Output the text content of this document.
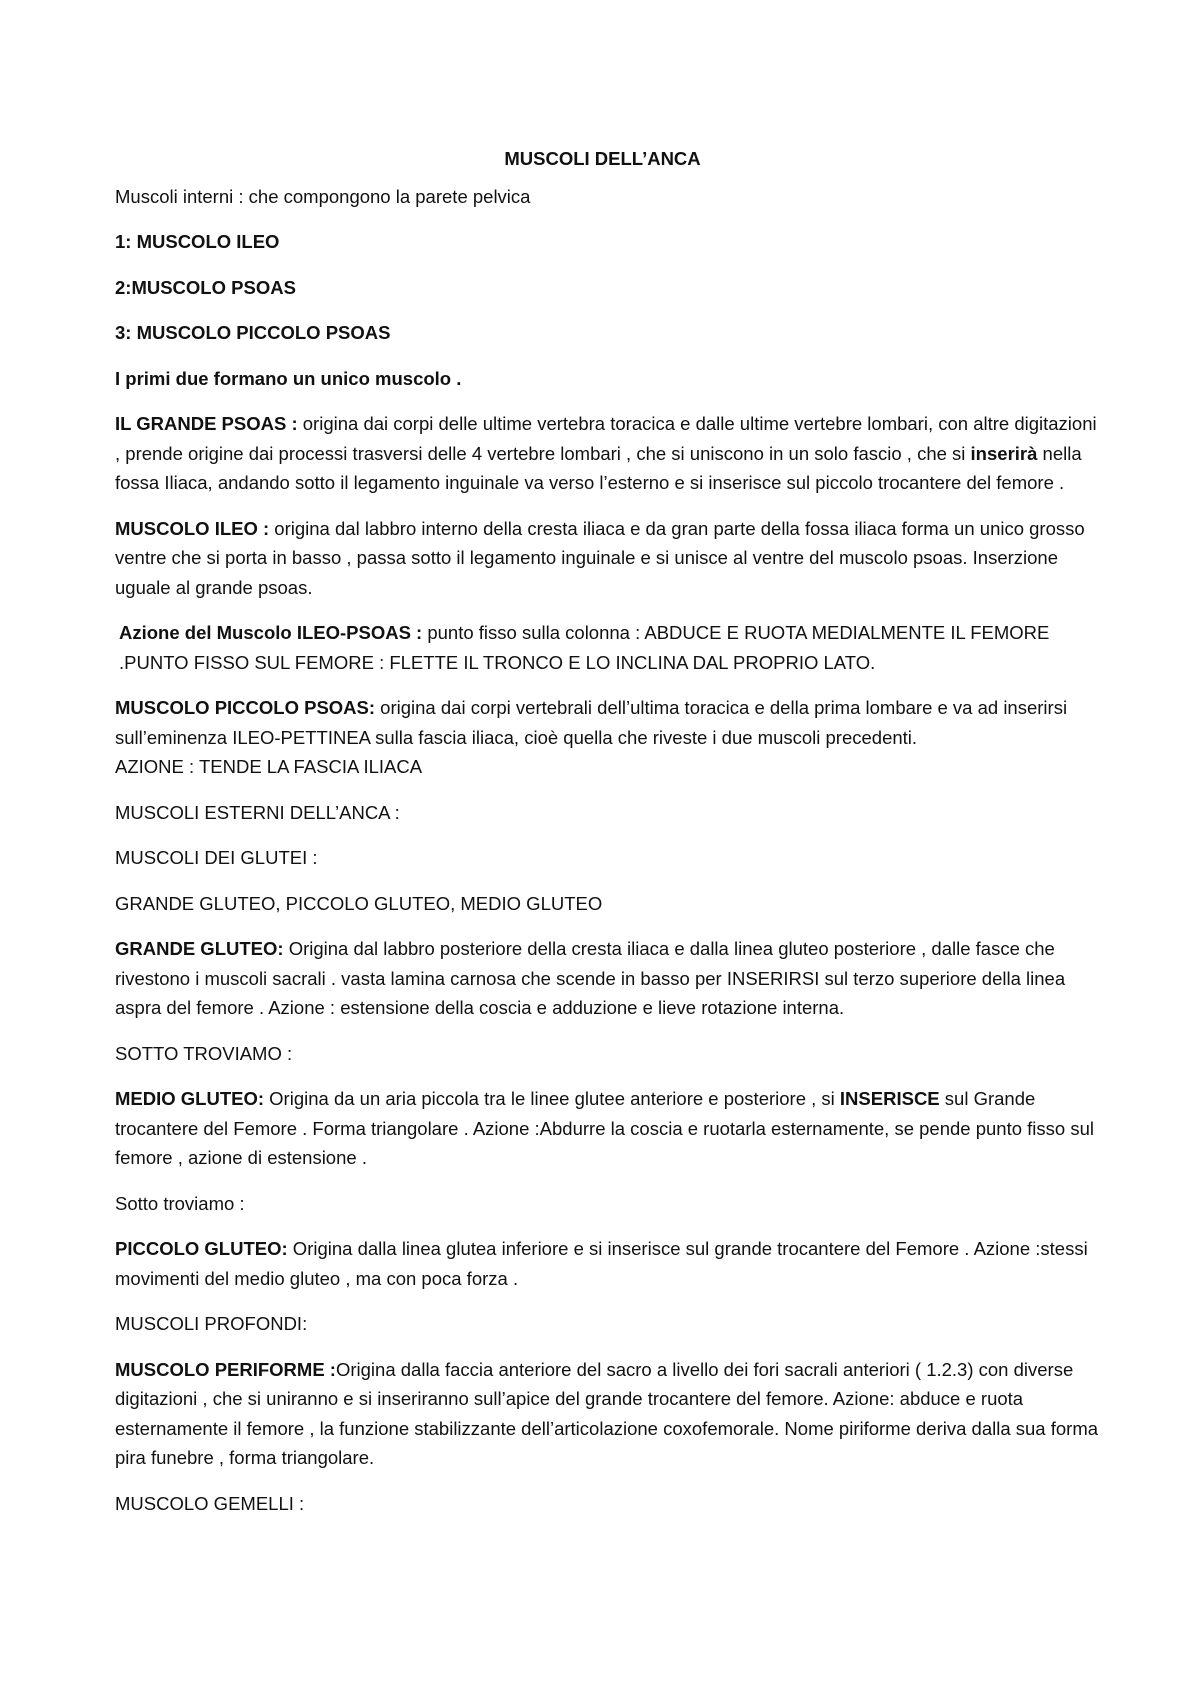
MUSCOLI DELL’ANCA

Muscoli interni : che compongono la parete pelvica

1: MUSCOLO ILEO

2:MUSCOLO PSOAS

3: MUSCOLO PICCOLO PSOAS

I primi due formano un unico muscolo .

IL GRANDE PSOAS : origina dai corpi delle ultime vertebra toracica e dalle ultime vertebre lombari, con altre digitazioni , prende origine dai processi trasversi delle 4 vertebre lombari , che si uniscono in un solo fascio , che si inserirà nella fossa Iliaca, andando sotto il legamento inguinale va verso l’esterno e si inserisce sul piccolo trocantere del femore .

MUSCOLO ILEO : origina dal labbro interno della cresta iliaca e da gran parte della fossa iliaca forma un unico grosso ventre che si porta in basso , passa sotto il legamento inguinale e si unisce al ventre del muscolo psoas. Inserzione uguale al grande psoas.

Azione del Muscolo ILEO-PSOAS : punto fisso sulla colonna : ABDUCE E RUOTA MEDIALMENTE IL FEMORE .PUNTO FISSO SUL FEMORE : FLETTE IL TRONCO E LO INCLINA DAL PROPRIO LATO.

MUSCOLO PICCOLO PSOAS: origina dai corpi vertebrali dell’ultima toracica e della prima lombare e va ad inserirsi sull’eminenza ILEO-PETTINEA sulla fascia iliaca, cioè quella che riveste i due muscoli precedenti.

AZIONE : TENDE LA FASCIA ILIACA

MUSCOLI ESTERNI DELL’ANCA :

MUSCOLI DEI GLUTEI :

GRANDE GLUTEO, PICCOLO GLUTEO, MEDIO GLUTEO

GRANDE GLUTEO: Origina dal labbro posteriore della cresta iliaca e dalla linea gluteo posteriore , dalle fasce che rivestono i muscoli sacrali . vasta lamina carnosa che scende in basso per INSERIRSI sul terzo superiore della linea aspra del femore . Azione : estensione della coscia e adduzione e lieve rotazione interna.

SOTTO TROVIAMO :

MEDIO GLUTEO: Origina da un aria piccola tra le linee glutee anteriore e posteriore , si INSERISCE sul Grande trocantere del Femore . Forma triangolare . Azione :Abdurre la coscia e ruotarla esternamente, se pende punto fisso sul femore , azione di estensione .

Sotto troviamo :

PICCOLO GLUTEO: Origina dalla linea glutea inferiore e si inserisce sul grande trocantere del Femore . Azione :stessi movimenti del medio gluteo , ma con poca forza .

MUSCOLI PROFONDI:

MUSCOLO PERIFORME :Origina dalla faccia anteriore del sacro a livello dei fori sacrali anteriori ( 1.2.3) con diverse digitazioni , che si uniranno e si inseriranno sull’apice del grande trocantere del femore. Azione: abduce e ruota esternamente il femore , la funzione stabilizzante dell’articolazione coxofemorale. Nome piriforme deriva dalla sua forma pira funebre , forma triangolare.

MUSCOLO GEMELLI :
